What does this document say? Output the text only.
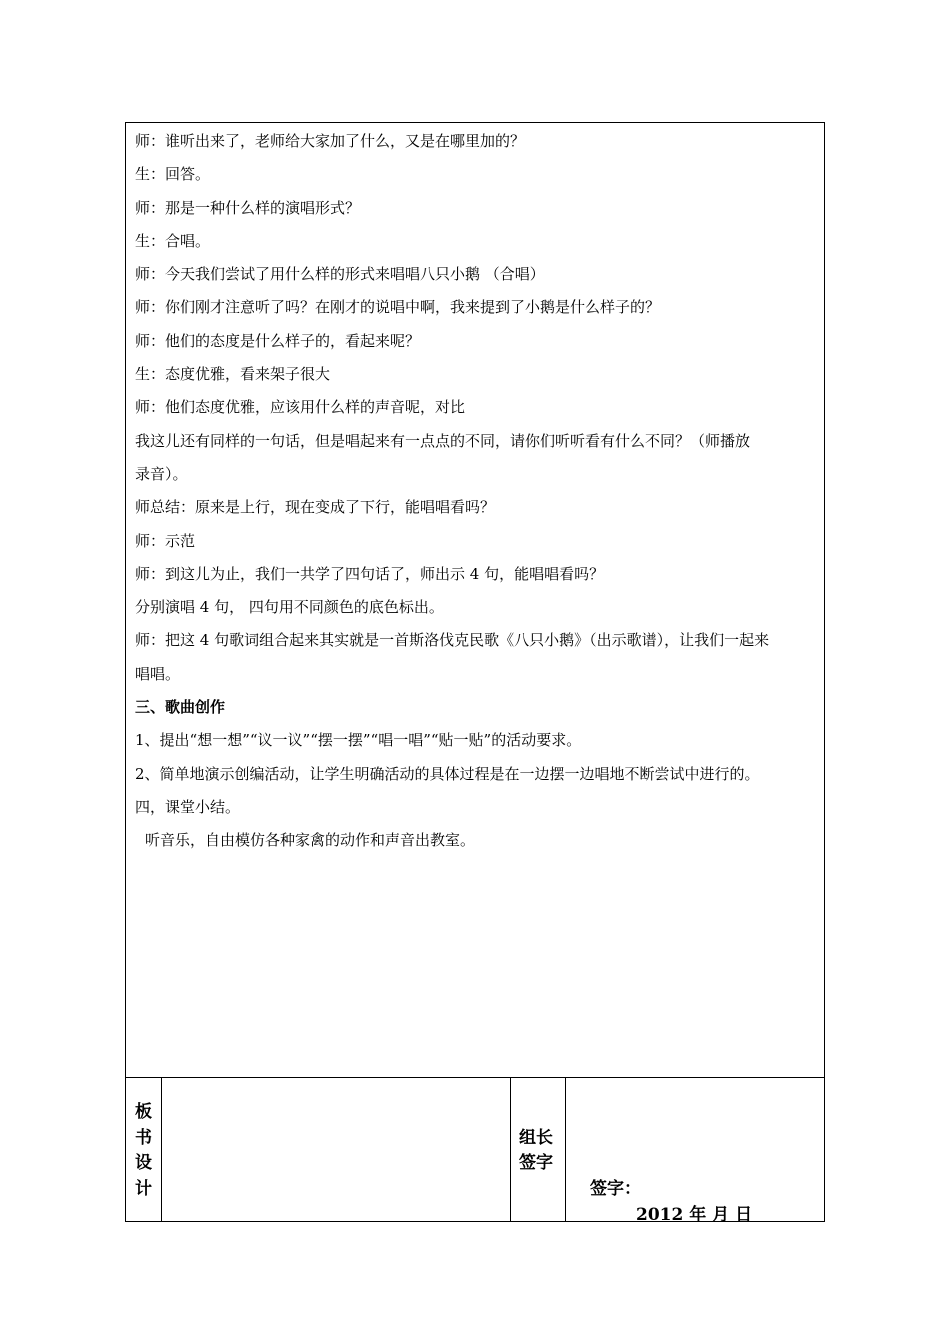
师：谁听出来了，老师给大家加了什么，又是在哪里加的？
生：回答。
师：那是一种什么样的演唱形式？
生：合唱。
师：今天我们尝试了用什么样的形式来唱唱八只小鹅 （合唱）
师：你们刚才注意听了吗？在刚才的说唱中啊，我来提到了小鹅是什么样子的？
师：他们的态度是什么样子的，看起来呢？
生：态度优雅，看来架子很大
师：他们态度优雅，应该用什么样的声音呢，对比
我这儿还有同样的一句话，但是唱起来有一点点的不同，请你们听听看有什么不同？（师播放
录音）。
师总结：原来是上行，现在变成了下行，能唱唱看吗？
师：示范
师：到这儿为止，我们一共学了四句话了，师出示 4 句，能唱唱看吗？
分别演唱 4 句， 四句用不同颜色的底色标出。
师：把这 4 句歌词组合起来其实就是一首斯洛伐克民歌《八只小鹅》（出示歌谱），让我们一起来
唱唱。
三、歌曲创作
1、提出“想一想”“议一议”“摆一摆”“唱一唱”“贴一贴”的活动要求。
2、简单地演示创编活动，让学生明确活动的具体过程是在一边摆一边唱地不断尝试中进行的。
四，课堂小结。
听音乐，自由模仿各种家禽的动作和声音出教室。
板
书
设
计
组长
签字
签字：
2012 年 月 日
